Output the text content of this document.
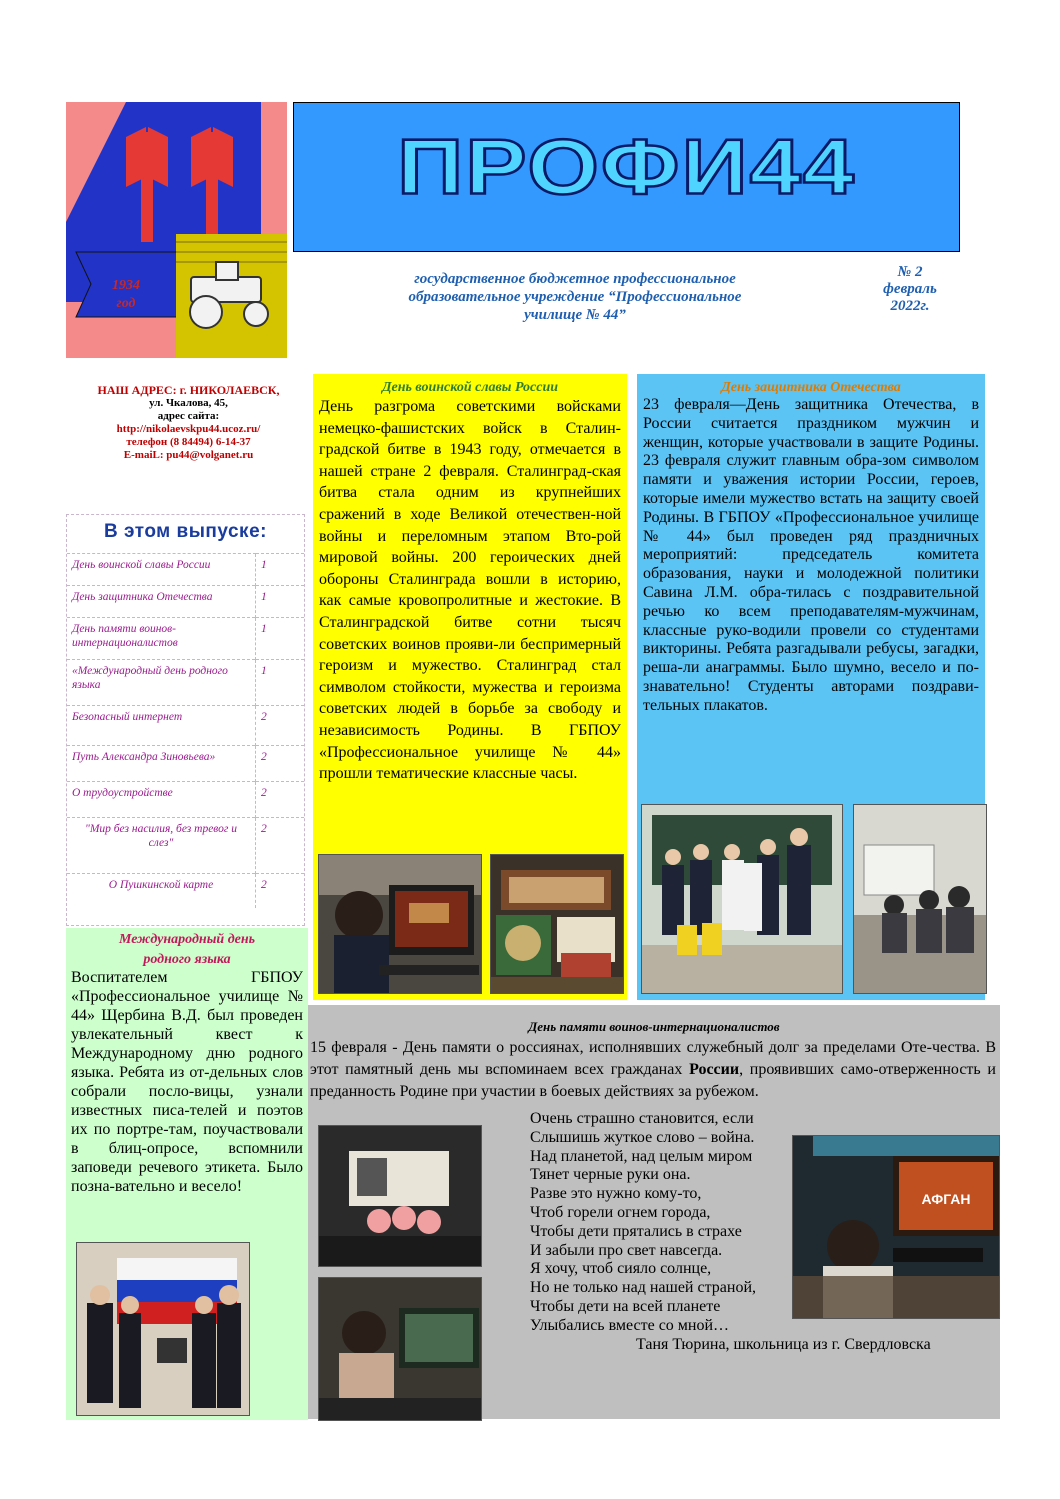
1934
год
ПРОФИ44
государственное бюджетное профессиональное
образовательное учреждение “Профессиональное
училище № 44”
№ 2
февраль
2022г.
НАШ АДРЕС: г. НИКОЛАЕВСК,
ул. Чкалова, 45,
адрес сайта:
http://nikolaevskpu44.ucoz.ru/
телефон (8 84494) 6-14-37
E-maiL: pu44@volganet.ru
В этом выпуске:
День воинской славы России	1
День защитника Отечества	1
День памяти воинов-интернационалистов	1
«Международный день родного языка	1
Безопасный интернет	2
Путь Александра Зиновьева»	2
О трудоустройстве	2
"Мир без насилия, без тревог и слез"	2
О Пушкинской карте	2
День воинской славы России
День разгрома советскими войсками немецко-фашистских войск в Сталин-градской битве в 1943 году, отмечается в нашей стране 2 февраля. Сталинград-ская битва стала одним из крупнейших сражений в ходе Великой отечествен-ной войны и переломным этапом Вто-рой мировой войны. 200 героических дней обороны Сталинграда вошли в историю, как самые кровопролитные и жестокие. В Сталинградской битве сотни тысяч советских воинов прояви-ли беспримерный героизм и мужество. Сталинград стал символом стойкости, мужества и героизма советских людей в борьбе за свободу и независимость Родины. В ГБПОУ «Профессиональное училище № 44» прошли тематические классные часы.
День защитника Отечества
23 февраля—День защитника Отечества, в России считается праздником мужчин и женщин, которые участвовали в защите Родины. 23 февраля служит главным обра-зом символом памяти и уважения истории России, героев, которые имели мужество встать на защиту своей Родины. В ГБПОУ «Профессиональное училище № 44» был проведен ряд праздничных мероприятий: председатель комитета образования, науки и молодежной политики Савина Л.М. обра-тилась с поздравительной речью ко всем преподавателям-мужчинам, классные руко-водили провели со студентами викторины. Ребята разгадывали ребусы, загадки, реша-ли анаграммы. Было шумно, весело и по-знавательно! Студенты авторами поздрави-тельных плакатов.
Международный день
родного языка
Воспитателем ГБПОУ «Профессиональное училище № 44» Щербина В.Д. был проведен увлекательный квест к Международному дню родного языка. Ребята из от-дельных слов собрали посло-вицы, узнали известных писа-телей и поэтов их по портре-там, поучаствовали в блиц-опросе, вспомнили заповеди речевого этикета. Было позна-вательно и весело!
День памяти воинов-интернационалистов
15 февраля - День памяти о россиянах, исполнявших служебный долг за пределами Оте-чества. В этот памятный день мы вспоминаем всех гражданах России, проявивших само-отверженность и преданность Родине при участии в боевых действиях за рубежом.
АФГАН
Очень страшно становится, если
Слышишь жуткое слово – война.
Над планетой, над целым миром
Тянет черные руки она.
Разве это нужно кому-то,
Чтоб горели огнем города,
Чтобы дети прятались в страхе
И забыли про свет навсегда.
Я хочу, чтоб сияло солнце,
Но не только над нашей страной,
Чтобы дети на всей планете
Улыбались вместе со мной…
Таня Тюрина, школьница из г. Свердловска
